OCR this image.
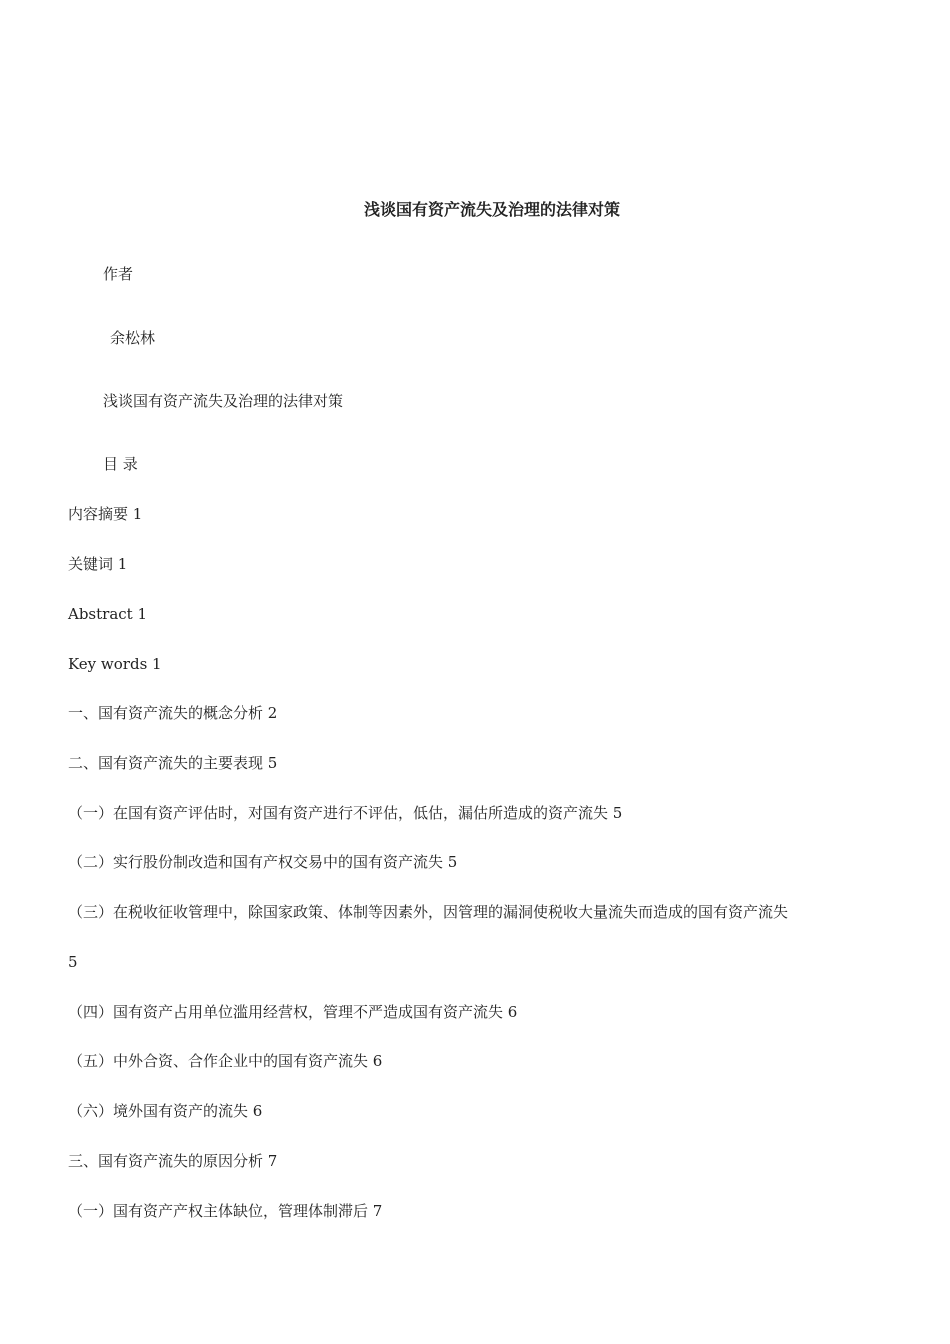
浅谈国有资产流失及治理的法律对策
作者
余松林
浅谈国有资产流失及治理的法律对策
目 录
内容摘要 1
关键词 1
Abstract 1
Key words 1
一、国有资产流失的概念分析 2
二、国有资产流失的主要表现 5
（一）在国有资产评估时，对国有资产进行不评估，低估，漏估所造成的资产流失 5
（二）实行股份制改造和国有产权交易中的国有资产流失 5
（三）在税收征收管理中，除国家政策、体制等因素外，因管理的漏洞使税收大量流失而造成的国有资产流失
5
（四）国有资产占用单位滥用经营权，管理不严造成国有资产流失 6
（五）中外合资、合作企业中的国有资产流失 6
（六）境外国有资产的流失 6
三、国有资产流失的原因分析 7
（一）国有资产产权主体缺位，管理体制滞后 7
